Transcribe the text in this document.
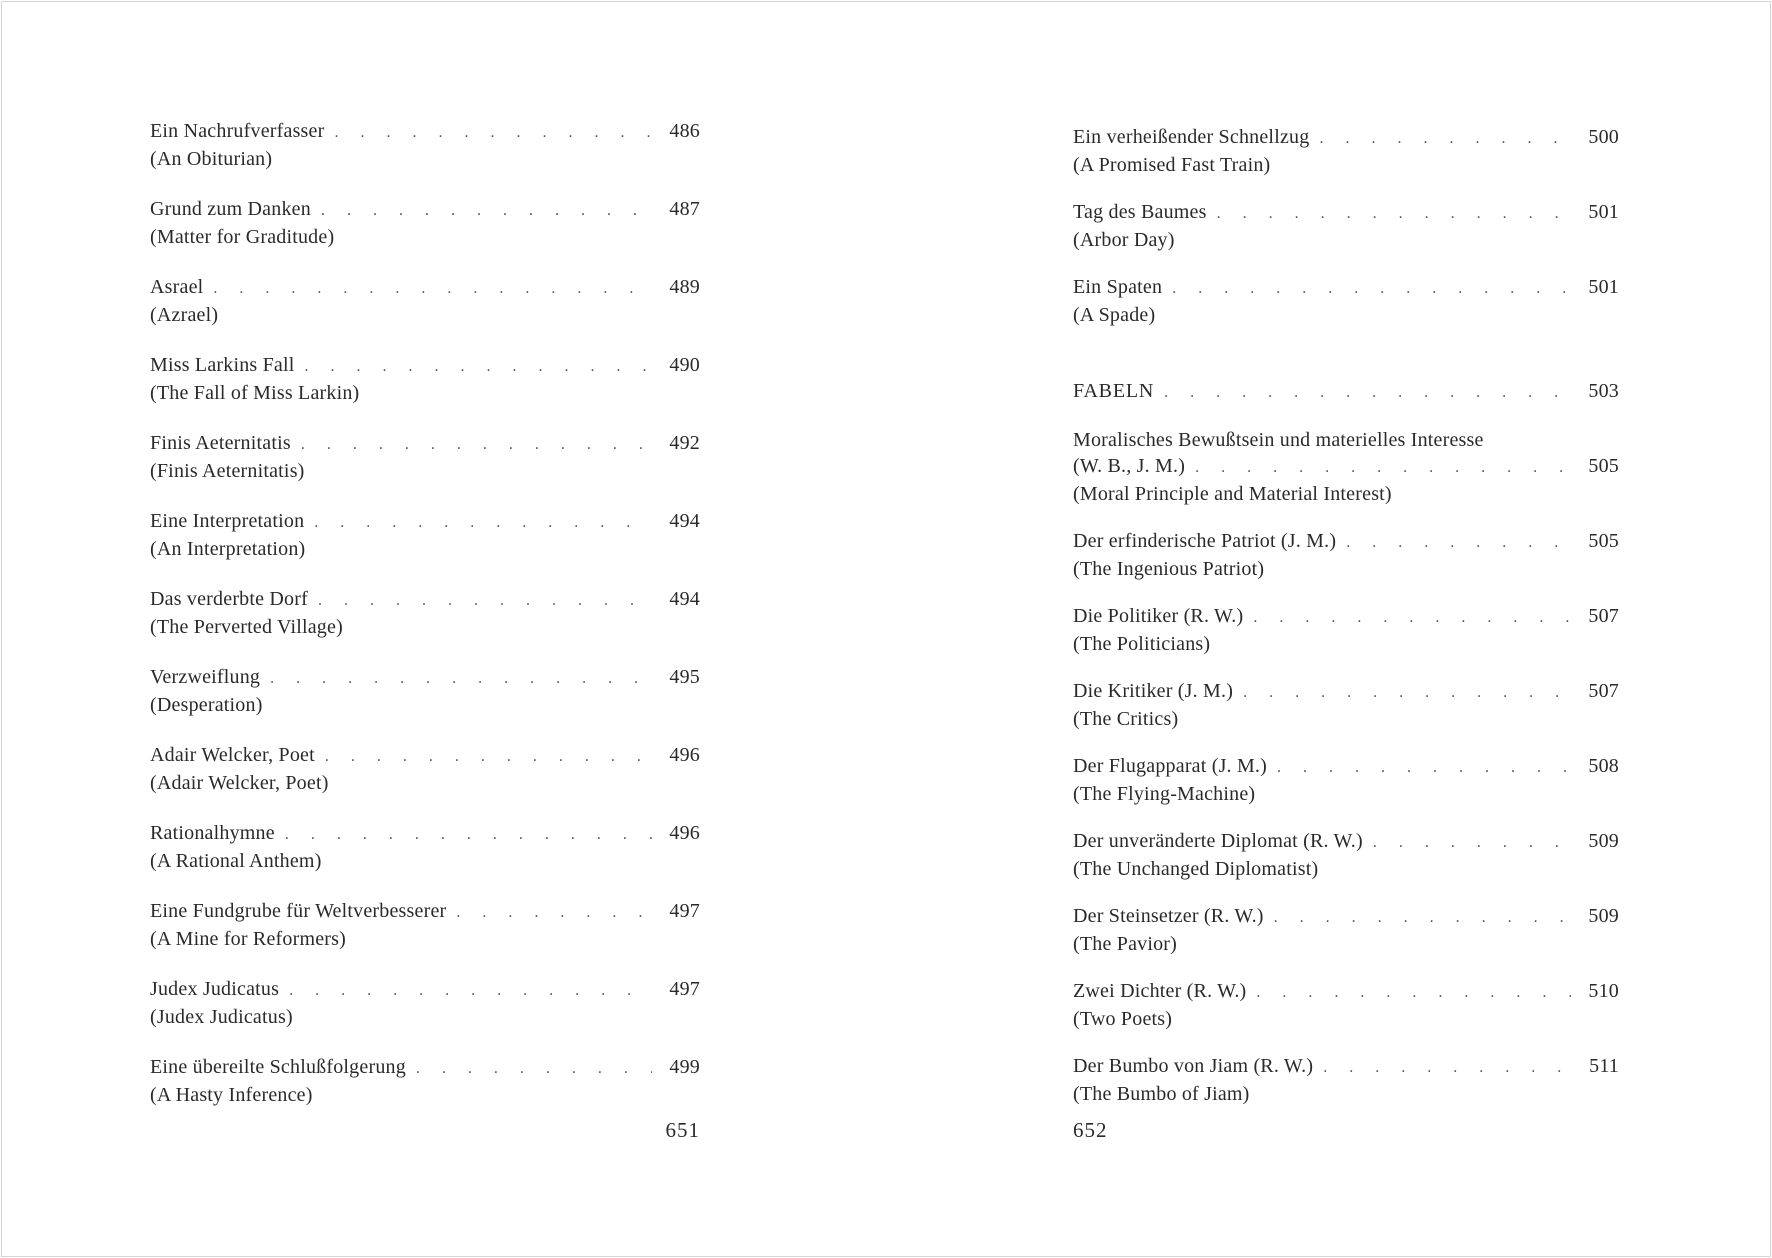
Ein Nachrufverfasser . . .	486
(An Obiturian)
Grund zum Danken . . .	487
(Matter for Graditude)
Asrael . . .	489
(Azrael)
Miss Larkins Fall . . .	490
(The Fall of Miss Larkin)
Finis Aeternitatis . . .	492
(Finis Aeternitatis)
Eine Interpretation . . .	494
(An Interpretation)
Das verderbte Dorf . . .	494
(The Perverted Village)
Verzweiflung . . .	495
(Desperation)
Adair Welcker, Poet . . .	496
(Adair Welcker, Poet)
Rationalhymne . . .	496
(A Rational Anthem)
Eine Fundgrube für Weltverbesserer . . .	497
(A Mine for Reformers)
Judex Judicatus . . .	497
(Judex Judicatus)
Eine übereilte Schlußfolgerung . . .	499
(A Hasty Inference)
651
Ein verheißender Schnellzug . . .	500
(A Promised Fast Train)
Tag des Baumes . . .	501
(Arbor Day)
Ein Spaten . . .	501
(A Spade)
FABELN . . .	503
Moralisches Bewußtsein und materielles Interesse
(W. B., J. M.) . . .	505
(Moral Principle and Material Interest)
Der erfinderische Patriot (J. M.) . . .	505
(The Ingenious Patriot)
Die Politiker (R. W.) . . .	507
(The Politicians)
Die Kritiker (J. M.) . . .	507
(The Critics)
Der Flugapparat (J. M.) . . .	508
(The Flying-Machine)
Der unveränderte Diplomat (R. W.) . . .	509
(The Unchanged Diplomatist)
Der Steinsetzer (R. W.) . . .	509
(The Pavior)
Zwei Dichter (R. W.) . . .	510
(Two Poets)
Der Bumbo von Jiam (R. W.) . . .	511
(The Bumbo of Jiam)
652
